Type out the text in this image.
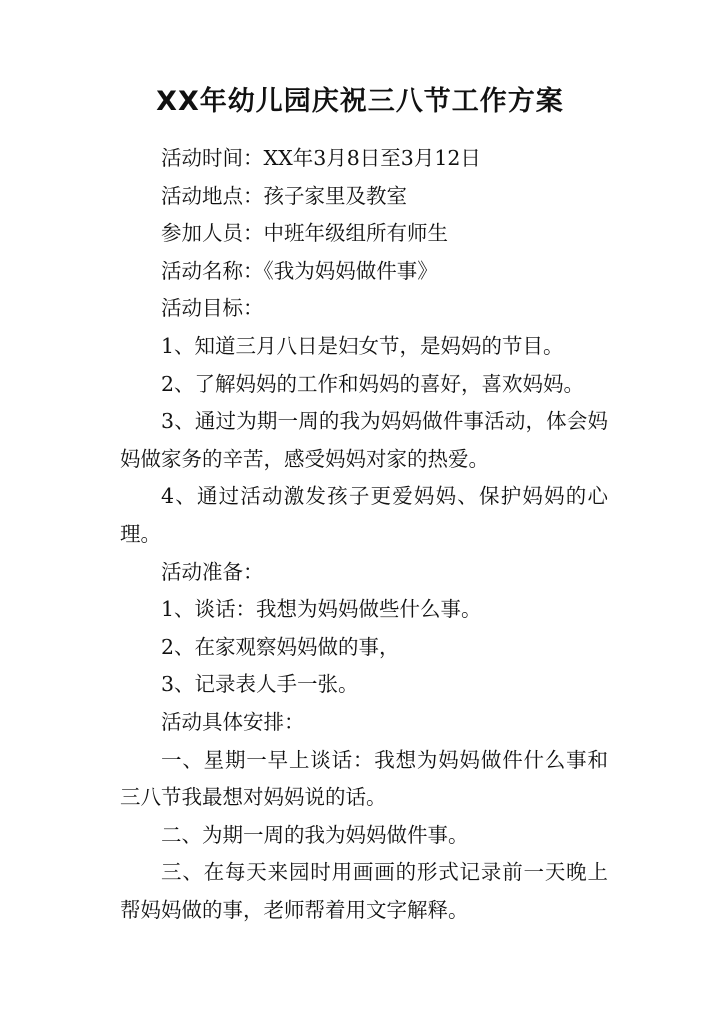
XX年幼儿园庆祝三八节工作方案

活动时间：XX年3月8日至3月12日

活动地点：孩子家里及教室

参加人员：中班年级组所有师生

活动名称：《我为妈妈做件事》

活动目标：

1、知道三月八日是妇女节，是妈妈的节目。

2、了解妈妈的工作和妈妈的喜好，喜欢妈妈。

3、通过为期一周的我为妈妈做件事活动，体会妈妈做家务的辛苦，感受妈妈对家的热爱。

4、通过活动激发孩子更爱妈妈、保护妈妈的心理。

活动准备：

1、谈话：我想为妈妈做些什么事。

2、在家观察妈妈做的事，

3、记录表人手一张。

活动具体安排：

一、星期一早上谈话：我想为妈妈做件什么事和三八节我最想对妈妈说的话。

二、为期一周的我为妈妈做件事。

三、在每天来园时用画画的形式记录前一天晚上帮妈妈做的事，老师帮着用文字解释。
